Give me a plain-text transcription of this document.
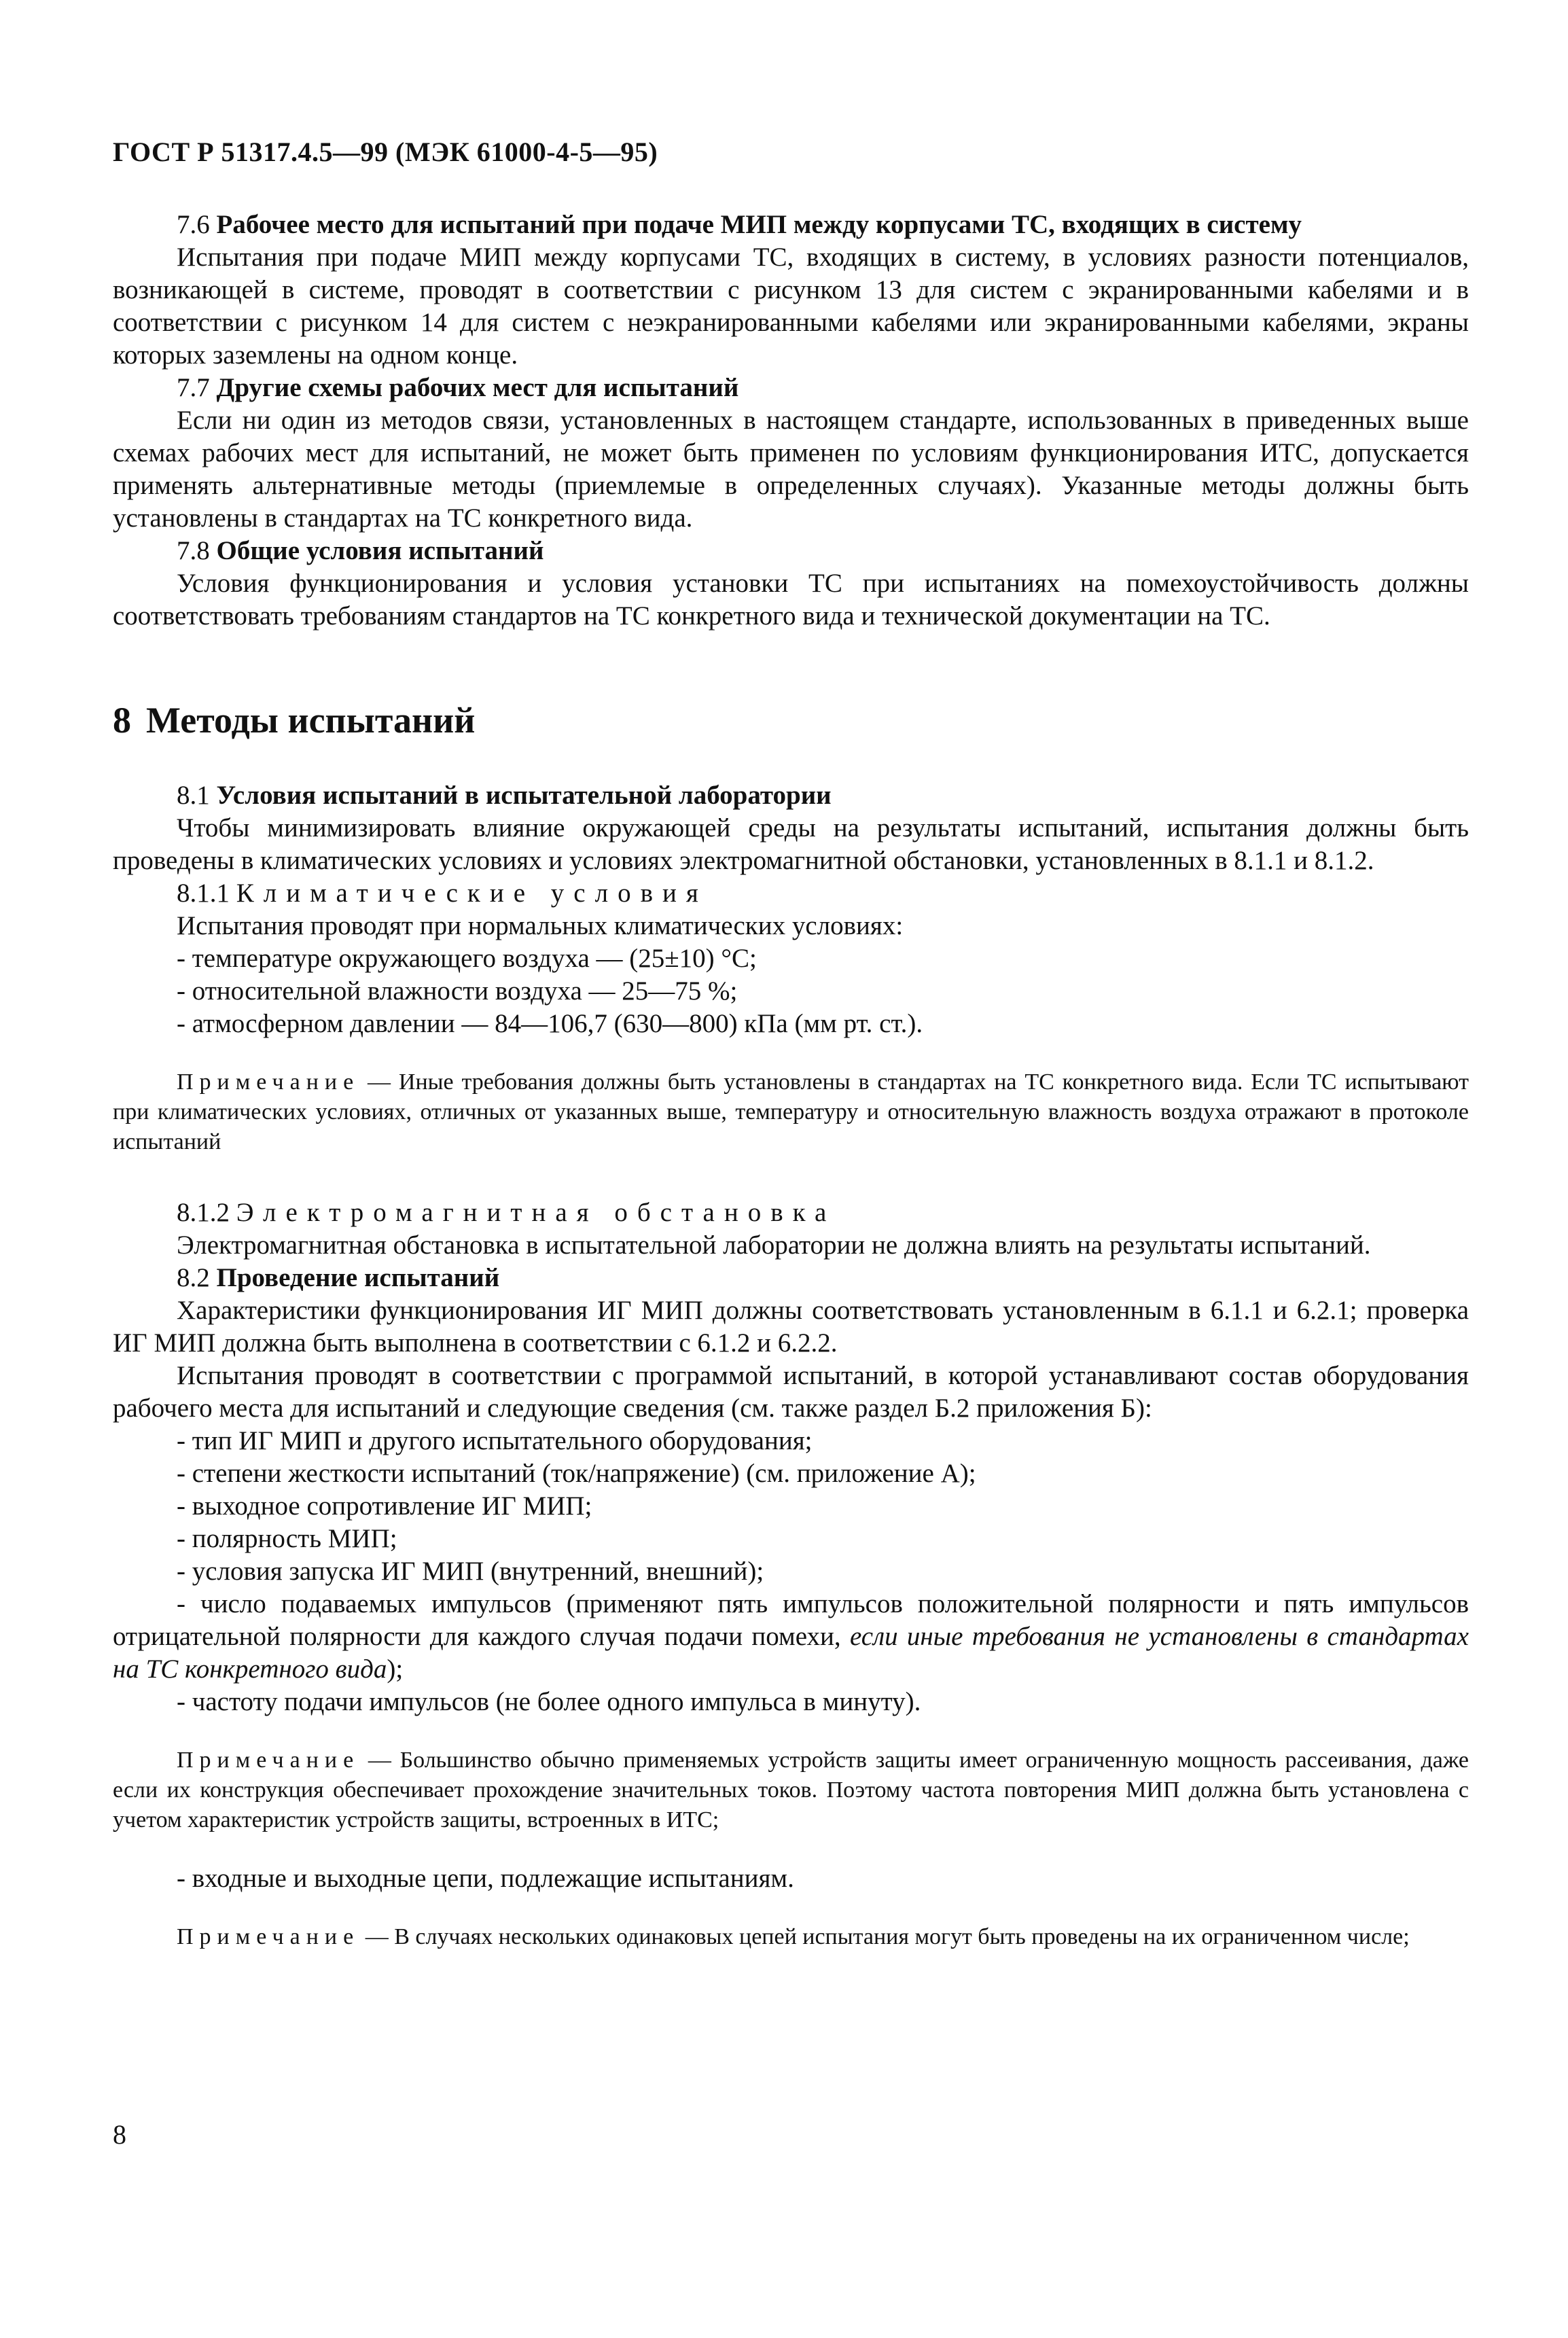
ГОСТ Р 51317.4.5—99 (МЭК 61000-4-5—95)

7.6 Рабочее место для испытаний при подаче МИП между корпусами ТС, входящих в систему

Испытания при подаче МИП между корпусами ТС, входящих в систему, в условиях разности потенциалов, возникающей в системе, проводят в соответствии с рисунком 13 для систем с экранированными кабелями и в соответствии с рисунком 14 для систем с неэкранированными кабелями или экранированными кабелями, экраны которых заземлены на одном конце.

7.7 Другие схемы рабочих мест для испытаний

Если ни один из методов связи, установленных в настоящем стандарте, использованных в приведенных выше схемах рабочих мест для испытаний, не может быть применен по условиям функционирования ИТС, допускается применять альтернативные методы (приемлемые в определенных случаях). Указанные методы должны быть установлены в стандартах на ТС конкретного вида.

7.8 Общие условия испытаний

Условия функционирования и условия установки ТС при испытаниях на помехоустойчивость должны соответствовать требованиям стандартов на ТС конкретного вида и технической документации на ТС.

8 Методы испытаний

8.1 Условия испытаний в испытательной лаборатории

Чтобы минимизировать влияние окружающей среды на результаты испытаний, испытания должны быть проведены в климатических условиях и условиях электромагнитной обстановки, установленных в 8.1.1 и 8.1.2.

8.1.1 Климатические условия

Испытания проводят при нормальных климатических условиях:

- температуре окружающего воздуха — (25±10) °С;

- относительной влажности воздуха — 25—75 %;

- атмосферном давлении — 84—106,7 (630—800) кПа (мм рт. ст.).

Примечание — Иные требования должны быть установлены в стандартах на ТС конкретного вида. Если ТС испытывают при климатических условиях, отличных от указанных выше, температуру и относительную влажность воздуха отражают в протоколе испытаний

8.1.2 Электромагнитная обстановка

Электромагнитная обстановка в испытательной лаборатории не должна влиять на результаты испытаний.

8.2 Проведение испытаний

Характеристики функционирования ИГ МИП должны соответствовать установленным в 6.1.1 и 6.2.1; проверка ИГ МИП должна быть выполнена в соответствии с 6.1.2 и 6.2.2.

Испытания проводят в соответствии с программой испытаний, в которой устанавливают состав оборудования рабочего места для испытаний и следующие сведения (см. также раздел Б.2 приложения Б):

- тип ИГ МИП и другого испытательного оборудования;

- степени жесткости испытаний (ток/напряжение) (см. приложение А);

- выходное сопротивление ИГ МИП;

- полярность МИП;

- условия запуска ИГ МИП (внутренний, внешний);

- число подаваемых импульсов (применяют пять импульсов положительной полярности и пять импульсов отрицательной полярности для каждого случая подачи помехи, если иные требования не установлены в стандартах на ТС конкретного вида);

- частоту подачи импульсов (не более одного импульса в минуту).

Примечание — Большинство обычно применяемых устройств защиты имеет ограниченную мощность рассеивания, даже если их конструкция обеспечивает прохождение значительных токов. Поэтому частота повторения МИП должна быть установлена с учетом характеристик устройств защиты, встроенных в ИТС;

- входные и выходные цепи, подлежащие испытаниям.

Примечание — В случаях нескольких одинаковых цепей испытания могут быть проведены на их ограниченном числе;

8
